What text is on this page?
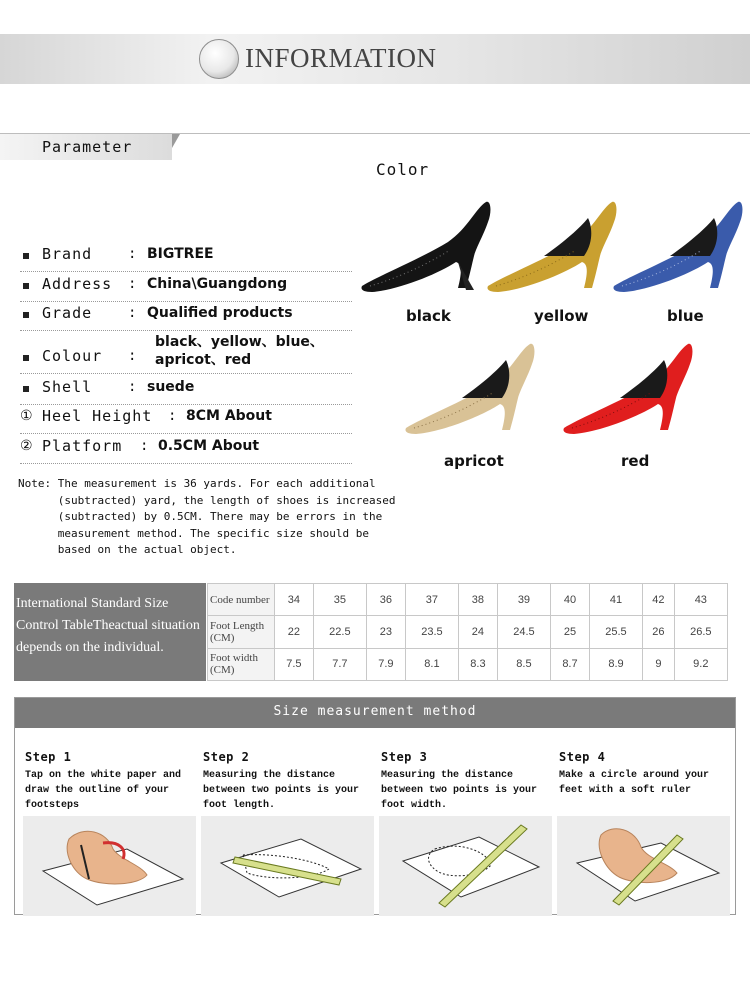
INFORMATION
Parameter
Color
Brand	: BIGTREE
Address : China\Guangdong
Grade	: Qualified products
Colour :
black、yellow、blue、apricot、red
Shell	: suede
① Heel Height : 8CM About
② Platform : 0.5CM About
Note: The measurement is 36 yards. For each additional
(subtracted) yard, the length of shoes is increased
(subtracted) by 0.5CM. There may be errors in the
measurement method. The specific size should be
based on the actual object.
black	yellow	blue
apricot	red
International Standard Size Control TableTheactual situation depends on the individual.
Code number	34	35	36	37	38	39	40	41	42	43
Foot Length (CM)	22	22.5	23	23.5	24	24.5	25	25.5	26	26.5
Foot width (CM)	7.5	7.7	7.9	8.1	8.3	8.5	8.7	8.9	9	9.2
Size measurement method
Step 1
Tap on the white paper and draw the outline of your footsteps
Step 2
Measuring the distance between two points is your foot length.
Step 3
Measuring the distance between two points is your foot width.
Step 4
Make a circle around your feet with a soft ruler
